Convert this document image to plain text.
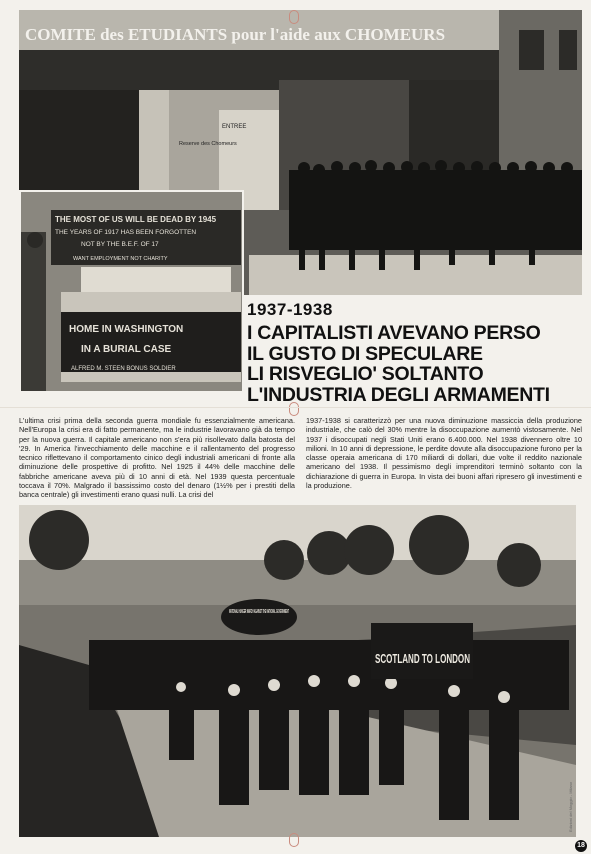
COMITE des ETUDIANTS pour l'aide aux CHOMEURS
Reserve des Chomeurs
ENTREE
THE MOST OF US WILL BE DEAD BY 1945
THE YEARS OF 1917 HAS BEEN FORGOTTEN
NOT BY THE B.E.F. OF 17
WANT EMPLOYMENT NOT CHARITY
HOME IN WASHINGTON
IN A BURIAL CASE
ALFRED M. STEEN BONUS SOLDIER
1937-1938
I CAPITALISTI AVEVANO PERSO
IL GUSTO DI SPECULARE
LI RISVEGLIO' SOLTANTO
L'INDUSTRIA DEGLI ARMAMENTI
L'ultima crisi prima della seconda guerra mondiale fu essenzialmente americana. Nell'Europa la crisi era di fatto permanente, ma le industrie lavoravano già da tempo per la nuova guerra. Il capitale americano non s'era più risollevato dalla batosta del '29. In America l'invecchiamento delle macchine e il rallentamento del progresso tecnico riflettevano il comportamento cinico degli industriali americani di fronte alla diminuzione delle prospettive di profitto. Nel 1925 il 44% delle macchine delle fabbriche americane aveva più di 10 anni di età. Nel 1939 questa percentuale toccava il 70%. Malgrado il bassissimo costo del denaro (1½% per i prestiti della banca centrale) gli investimenti erano quasi nulli. La crisi del
1937-1938 si caratterizzò per una nuova diminuzione massiccia della produzione industriale, che calò del 30% mentre la disoccupazione aumentò vistosamente. Nel 1937 i disoccupati negli Stati Uniti erano 6.400.000. Nel 1938 divennero oltre 10 milioni. In 10 anni di depressione, le perdite dovute alla disoccupazione furono per la classe operaia americana di 170 miliardi di dollari, due volte il reddito nazionale americano del 1938. Il pessimismo degli imprenditori terminò soltanto con la dichiarazione di guerra in Europa. In vista dei buoni affari ripresero gli investimenti e la produzione.
NATIONAL HUNGER MARCH AGAINST THE NATIONAL GOVERNMENT
SCOTLAND TO LONDON
Edizioni del Moggio - Milano
18
